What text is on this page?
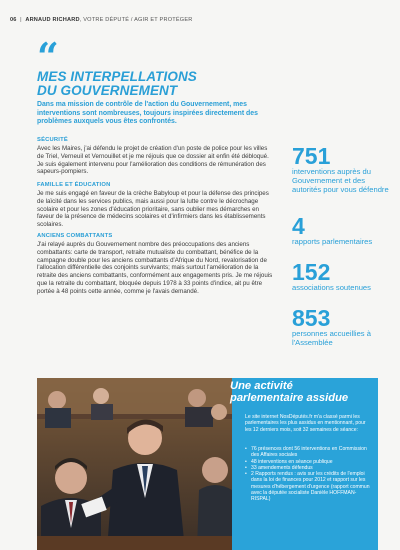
06  |  ARNAUD RICHARD, VOTRE DÉPUTÉ / AGIR ET PROTÉGER
“
MES INTERPELLATIONS
DU GOUVERNEMENT
Dans ma mission de contrôle de l'action du Gouvernement, mes interventions sont nombreuses, toujours inspirées directement des problèmes auxquels vous êtes confrontés.
SÉCURITÉ
Avec les Maires, j'ai défendu le projet de création d'un poste de police pour les villes de Triel, Verneuil et Vernouillet et je me réjouis que ce dossier ait enfin été débloqué. Je suis également intervenu pour l'amélioration des conditions de rémunération des sapeurs-pompiers.
FAMILLE ET ÉDUCATION
Je me suis engagé en faveur de la crèche Babyloup et pour la défense des principes de laïcité dans les services publics, mais aussi pour la lutte contre le décrochage scolaire et pour les zones d'éducation prioritaire, sans oublier mes démarches en faveur de la présence de médecins scolaires et d'infirmiers dans les établissements scolaires.
ANCIENS COMBATTANTS
J'ai relayé auprès du Gouvernement nombre des préoccupations des anciens combattants: carte de transport, retraite mutualiste du combattant, bénéfice de la campagne double pour les anciens combattants d'Afrique du Nord, revalorisation de l'allocation différentielle des conjoints survivants; mais surtout l'amélioration de la retraite des anciens combattants, conformément aux engagements pris. Je me réjouis que la retraite du combattant, bloquée depuis 1978 à 33 points d'indice, ait pu être portée à 48 points cette année, comme je l'avais demandé.
751
interventions auprès du Gouvernement et des autorités pour vous défendre
4
rapports parlementaires
152
associations soutenues
853
personnes accueillies à l'Assemblée
Une activité
parlementaire assidue
Le site internet NosDéputés.fr m'a classé parmi les parlementaires les plus assidus en mentionnant, pour les 12 derniers mois, soit 32 semaines de séance:
• 76 présences dont 56 interventions en Commission des Affaires sociales
• 48 interventions en séance publique
• 33 amendements défendus
• 2 Rapports rendus : avis sur les crédits de l'emploi dans la loi de finances pour 2012 et rapport sur les mesures d'hébergement d'urgence (rapport commun avec la députée socialiste Danièle HOFFMAN-RISPAL)
